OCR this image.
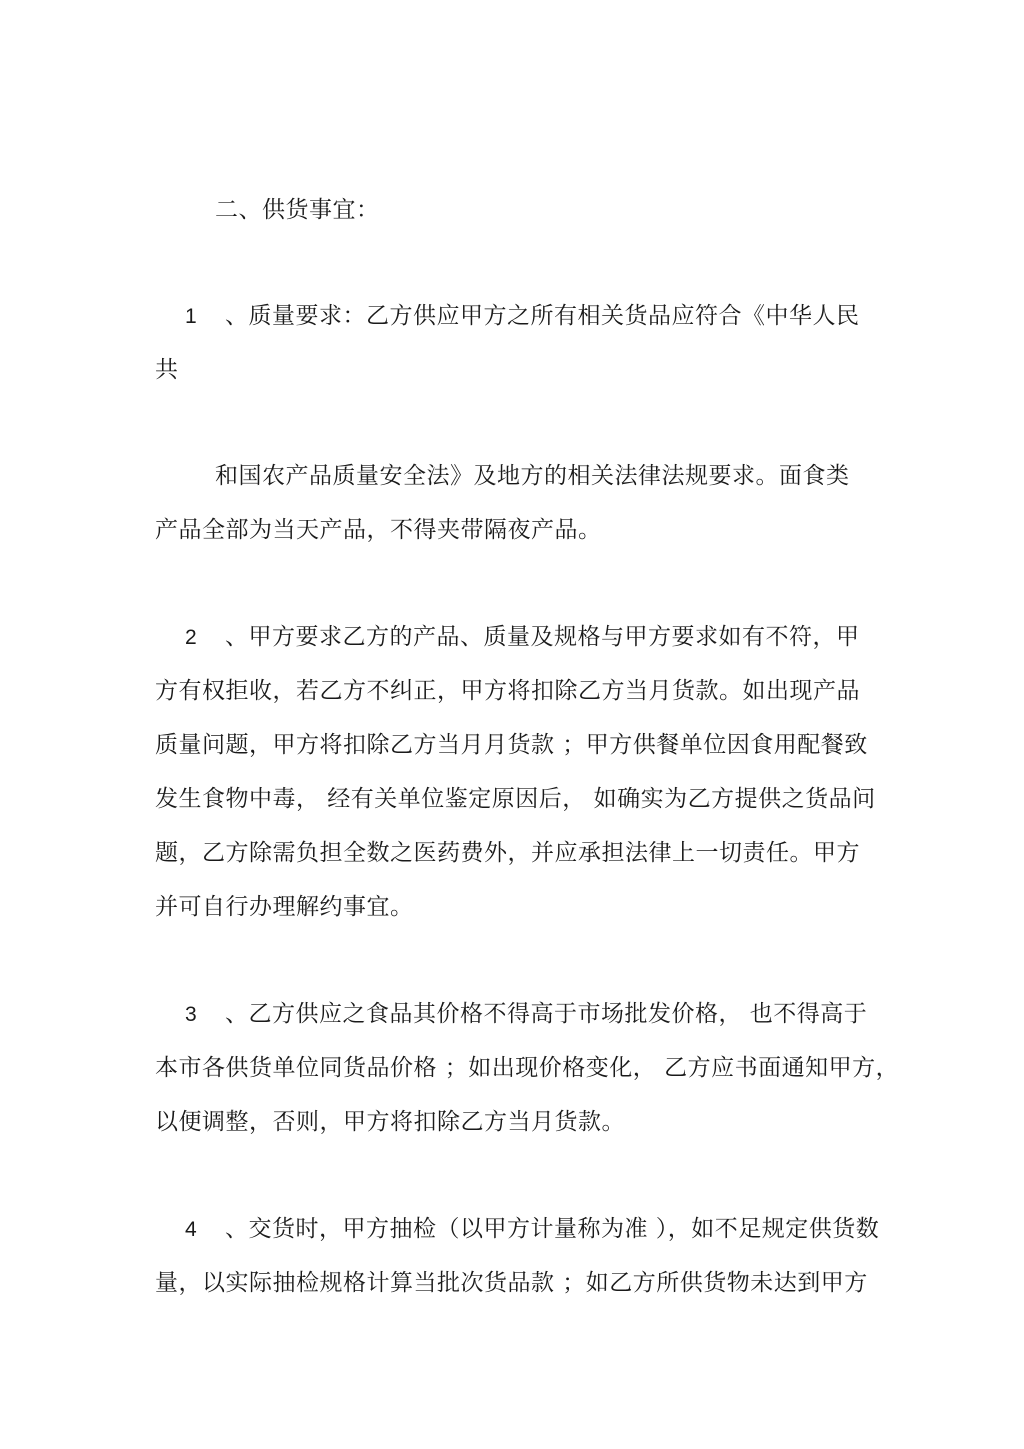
二、供货事宜：
1 、质量要求：乙方供应甲方之所有相关货品应符合《中华人民
共
和国农产品质量安全法》及地方的相关法律法规要求。面食类
产品全部为当天产品，不得夹带隔夜产品。
2 、甲方要求乙方的产品、质量及规格与甲方要求如有不符，甲
方有权拒收，若乙方不纠正，甲方将扣除乙方当月货款。如出现产品
质量问题，甲方将扣除乙方当月月货款 ；甲方供餐单位因食用配餐致
发生食物中毒， 经有关单位鉴定原因后， 如确实为乙方提供之货品问
题，乙方除需负担全数之医药费外，并应承担法律上一切责任。甲方
并可自行办理解约事宜。
3 、乙方供应之食品其价格不得高于市场批发价格， 也不得高于
本市各供货单位同货品价格 ；如出现价格变化， 乙方应书面通知甲方，
以便调整，否则，甲方将扣除乙方当月货款。
4 、交货时，甲方抽检（以甲方计量称为准 ），如不足规定供货数
量，以实际抽检规格计算当批次货品款 ；如乙方所供货物未达到甲方
